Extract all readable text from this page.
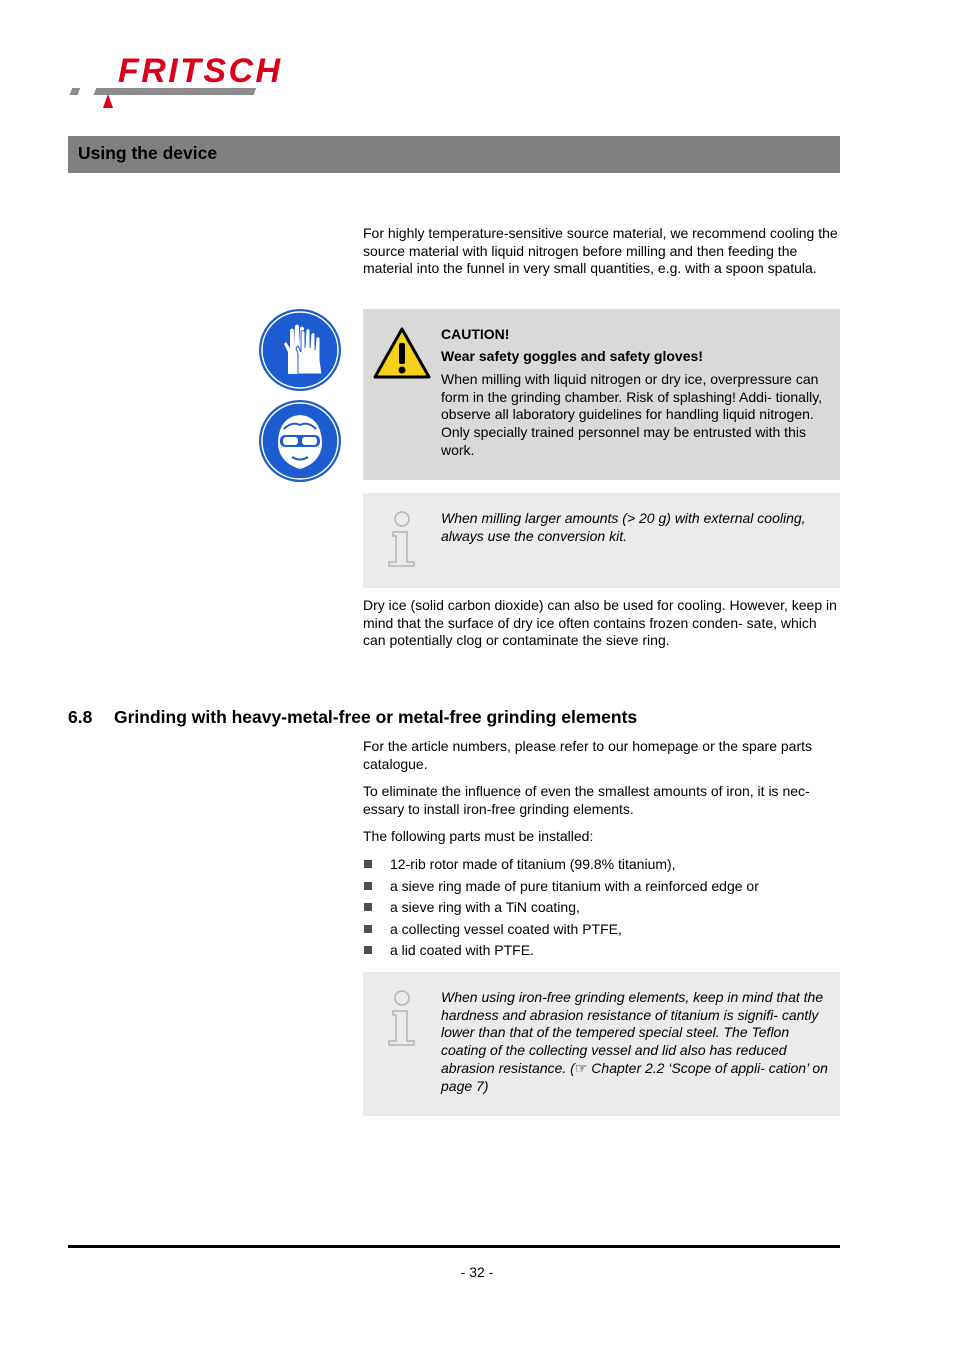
FRITSCH
Using the device
For highly temperature-sensitive source material, we recommend cooling the source material with liquid nitrogen before milling and then feeding the material into the funnel in very small quantities, e.g. with a spoon spatula.
CAUTION!
Wear safety goggles and safety gloves!
When milling with liquid nitrogen or dry ice, overpressure can form in the grinding chamber. Risk of splashing! Addi- tionally, observe all laboratory guidelines for handling liquid nitrogen. Only specially trained personnel may be entrusted with this work.
When milling larger amounts (> 20 g) with external cooling, always use the conversion kit.
Dry ice (solid carbon dioxide) can also be used for cooling. However, keep in mind that the surface of dry ice often contains frozen conden- sate, which can potentially clog or contaminate the sieve ring.
6.8 Grinding with heavy-metal-free or metal-free grinding elements
For the article numbers, please refer to our homepage or the spare parts catalogue.
To eliminate the influence of even the smallest amounts of iron, it is nec- essary to install iron-free grinding elements.
The following parts must be installed:
12-rib rotor made of titanium (99.8% titanium),
a sieve ring made of pure titanium with a reinforced edge or
a sieve ring with a TiN coating,
a collecting vessel coated with PTFE,
a lid coated with PTFE.
When using iron-free grinding elements, keep in mind that the hardness and abrasion resistance of titanium is signifi- cantly lower than that of the tempered special steel. The Teflon coating of the collecting vessel and lid also has reduced abrasion resistance. (☞ Chapter 2.2 ‘Scope of appli- cation’ on page 7)
- 32 -
